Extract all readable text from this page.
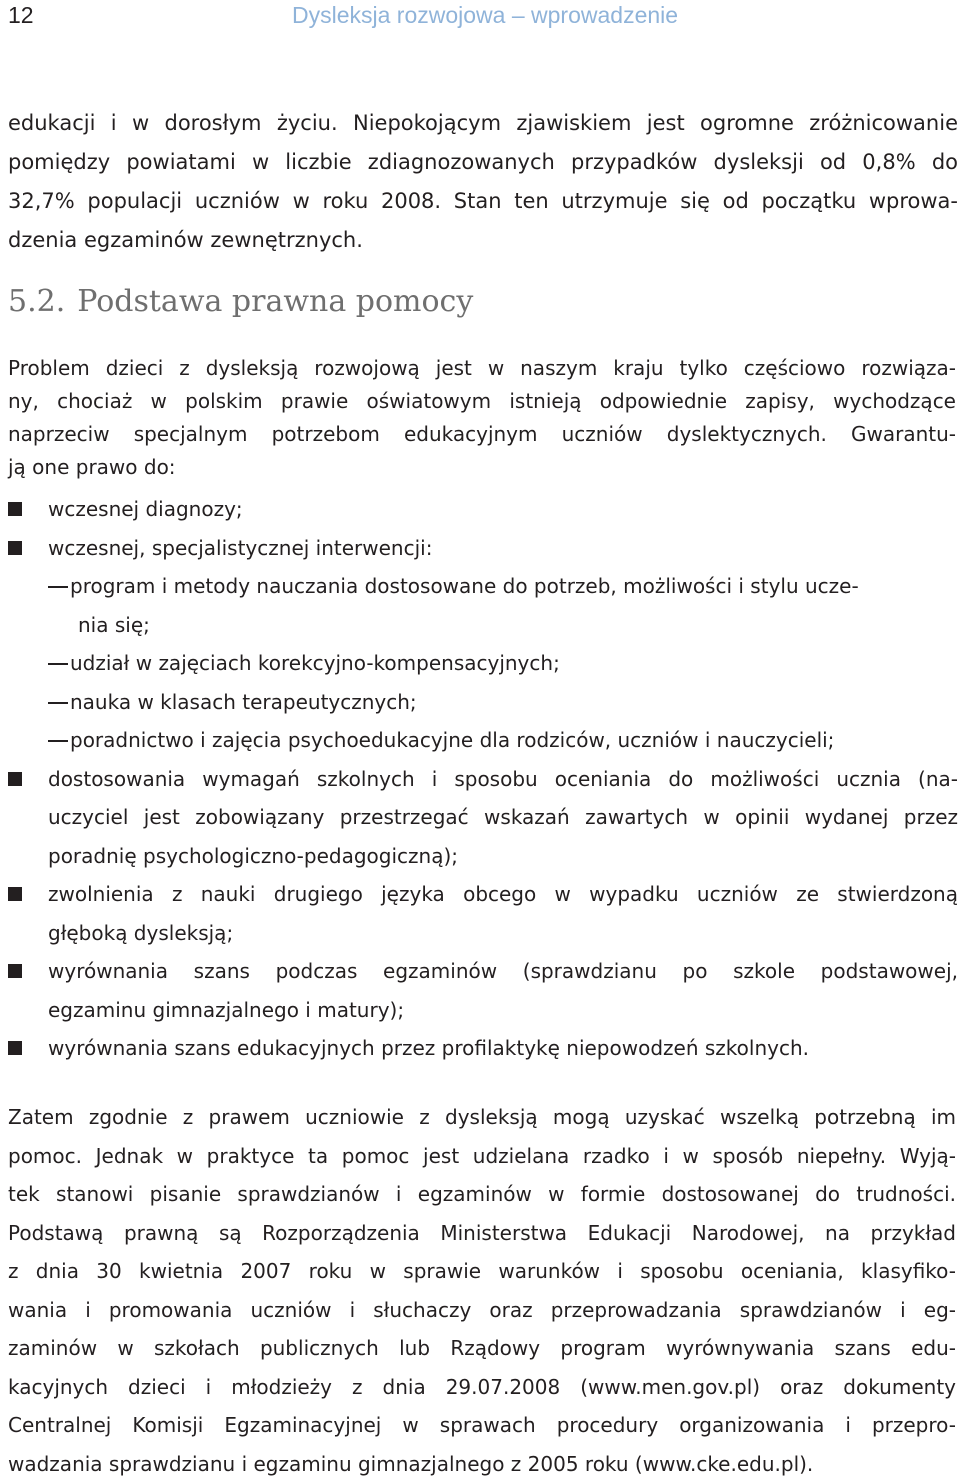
12	Dysleksja rozwojowa – wprowadzenie
edukacji i w dorosłym życiu. Niepokojącym zjawiskiem jest ogromne zróżnicowanie
pomiędzy powiatami w liczbie zdiagnozowanych przypadków dysleksji od 0,8% do
32,7% populacji uczniów w roku 2008. Stan ten utrzymuje się od początku wprowa-
dzenia egzaminów zewnętrznych.
5.2. Podstawa prawna pomocy
Problem dzieci z dysleksją rozwojową jest w naszym kraju tylko częściowo rozwiąza-
ny, chociaż w polskim prawie oświatowym istnieją odpowiednie zapisy, wychodzące
naprzeciw specjalnym potrzebom edukacyjnym uczniów dyslektycznych. Gwarantu-
ją one prawo do:
wczesnej diagnozy;
wczesnej, specjalistycznej interwencji:
program i metody nauczania dostosowane do potrzeb, możliwości i stylu ucze-
nia się;
udział w zajęciach korekcyjno-kompensacyjnych;
nauka w klasach terapeutycznych;
poradnictwo i zajęcia psychoedukacyjne dla rodziców, uczniów i nauczycieli;
dostosowania wymagań szkolnych i sposobu oceniania do możliwości ucznia (na-
uczyciel jest zobowiązany przestrzegać wskazań zawartych w opinii wydanej przez
poradnię psychologiczno-pedagogiczną);
zwolnienia z nauki drugiego języka obcego w wypadku uczniów ze stwierdzoną
głęboką dysleksją;
wyrównania szans podczas egzaminów (sprawdzianu po szkole podstawowej,
egzaminu gimnazjalnego i matury);
wyrównania szans edukacyjnych przez profilaktykę niepowodzeń szkolnych.
Zatem zgodnie z prawem uczniowie z dysleksją mogą uzyskać wszelką potrzebną im
pomoc. Jednak w praktyce ta pomoc jest udzielana rzadko i w sposób niepełny. Wyją-
tek stanowi pisanie sprawdzianów i egzaminów w formie dostosowanej do trudności.
Podstawą prawną są Rozporządzenia Ministerstwa Edukacji Narodowej, na przykład
z dnia 30 kwietnia 2007 roku w sprawie warunków i sposobu oceniania, klasyfiko-
wania i promowania uczniów i słuchaczy oraz przeprowadzania sprawdzianów i eg-
zaminów w szkołach publicznych lub Rządowy program wyrównywania szans edu-
kacyjnych dzieci i młodzieży z dnia 29.07.2008 (www.men.gov.pl) oraz dokumenty
Centralnej Komisji Egzaminacyjnej w sprawach procedury organizowania i przepro-
wadzania sprawdzianu i egzaminu gimnazjalnego z 2005 roku (www.cke.edu.pl).
